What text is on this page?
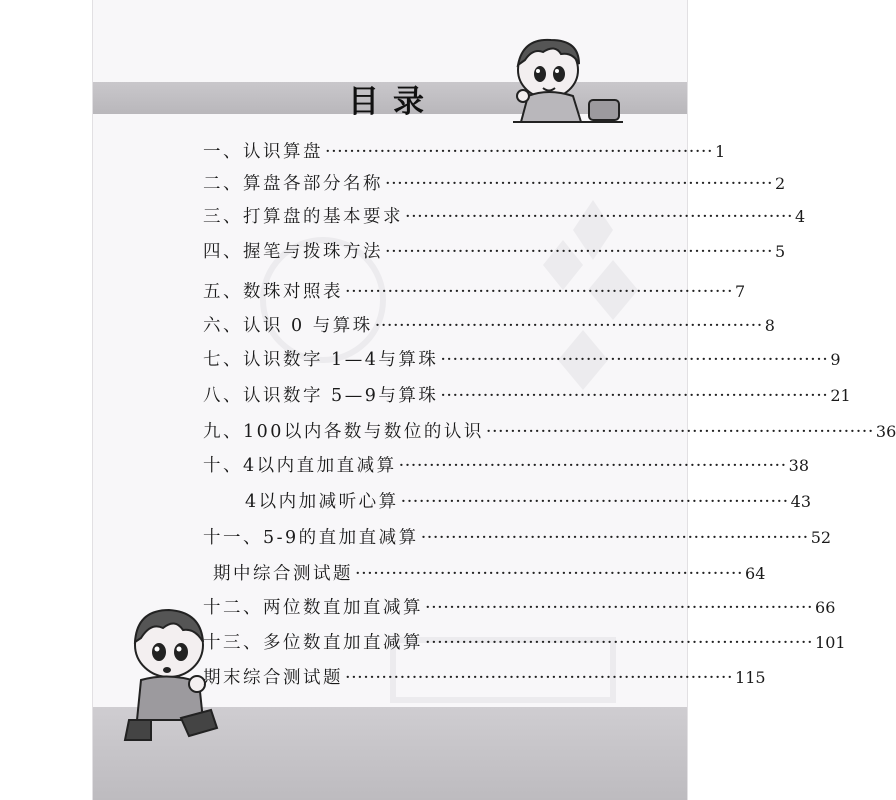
目录
一、认识算盘 ································································ 1
二、算盘各部分名称 ································································ 2
三、打算盘的基本要求 ································································ 4
四、握笔与拨珠方法 ································································ 5
五、数珠对照表 ································································ 7
六、认识 0 与算珠 ································································ 8
七、认识数字 1—4与算珠 ································································ 9
八、认识数字 5—9与算珠 ································································ 21
九、100以内各数与数位的认识 ································································ 36
十、4以内直加直减算 ································································ 38
4以内加减听心算 ································································ 43
十一、5-9的直加直减算 ································································ 52
期中综合测试题 ································································ 64
十二、两位数直加直减算 ································································ 66
十三、多位数直加直减算 ································································ 101
期末综合测试题 ································································ 115
